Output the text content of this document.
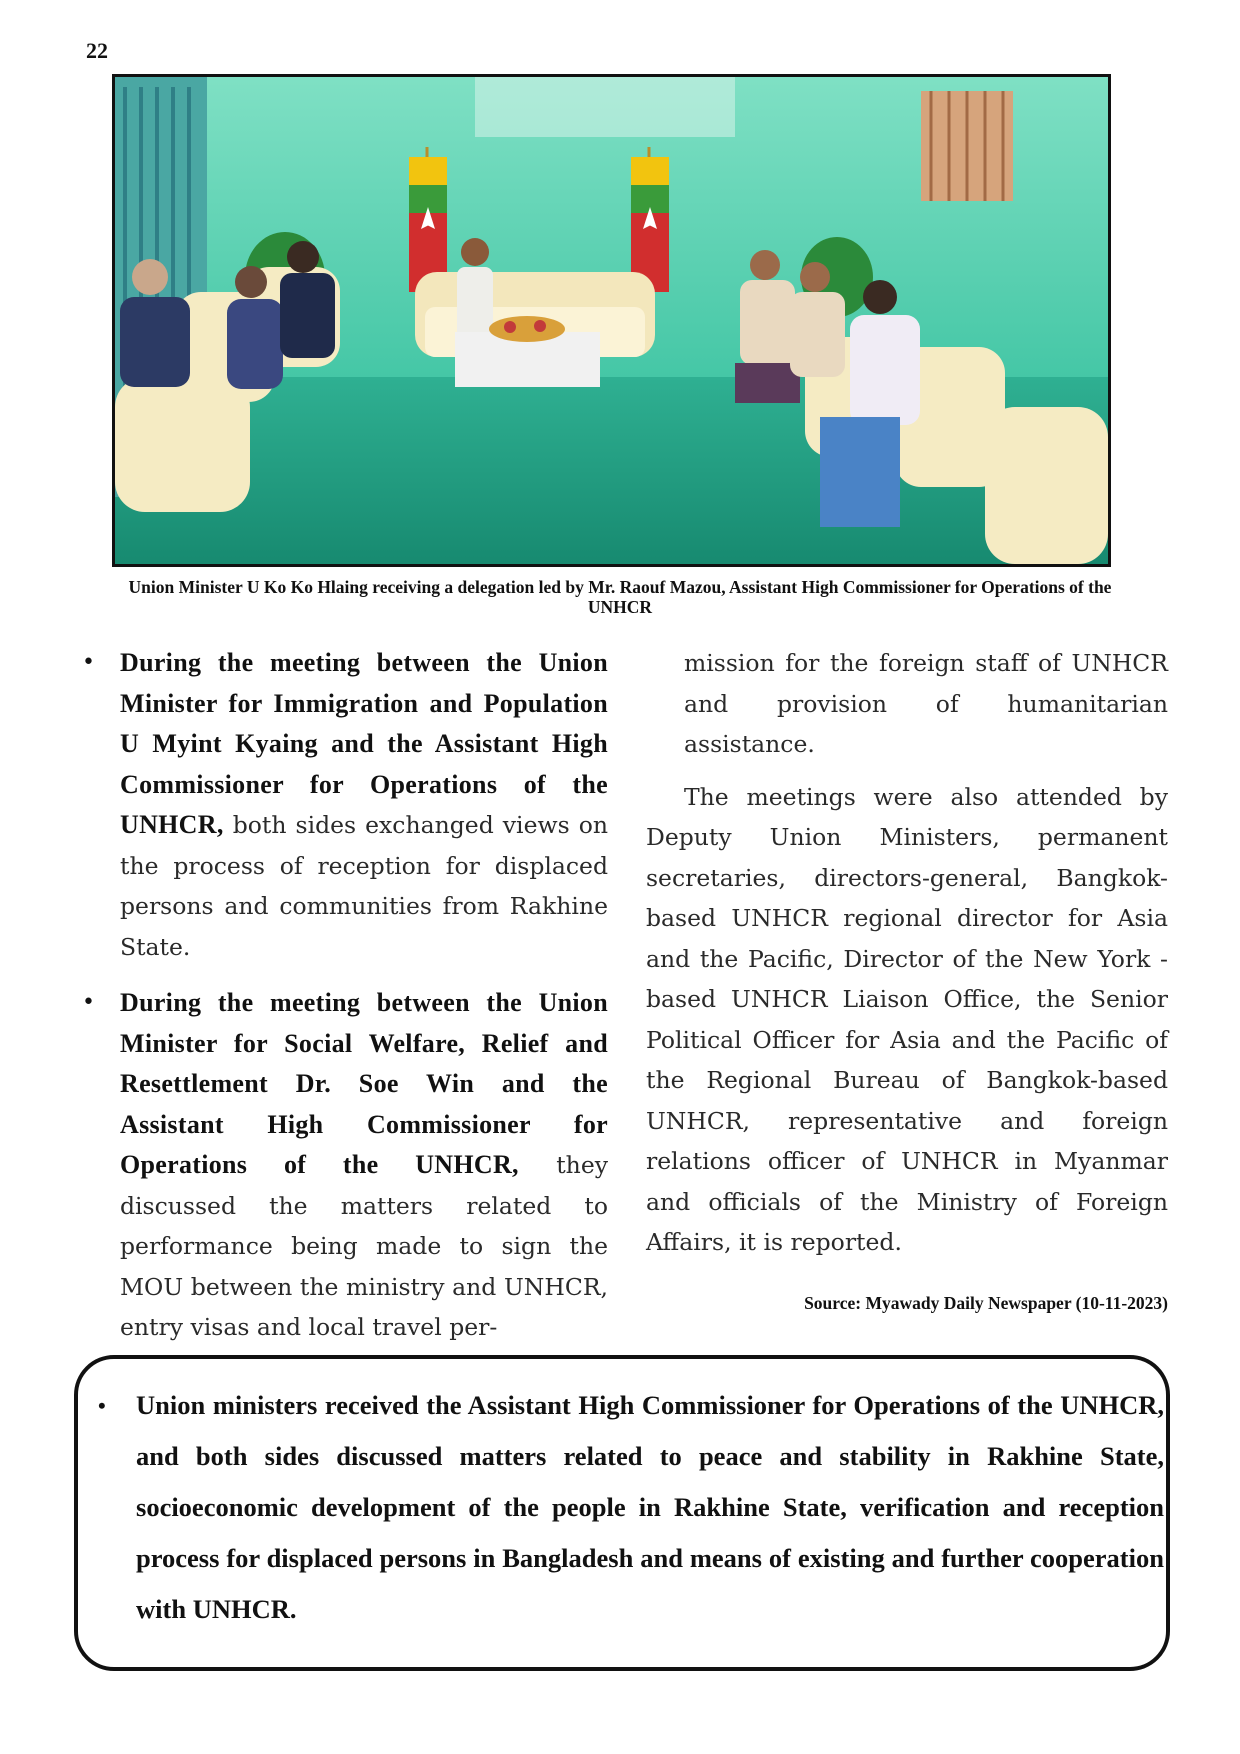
22
Union Minister U Ko Ko Hlaing receiving a delegation led by Mr. Raouf Mazou, Assistant High Commissioner for Operations of the UNHCR
• During the meeting between the Union Minister for Immigration and Population U Myint Kyaing and the Assistant High Commissioner for Operations of the UNHCR, both sides exchanged views on the process of reception for displaced persons and communities from Rakhine State.
• During the meeting between the Union Minister for Social Welfare, Relief and Resettlement Dr. Soe Win and the Assistant High Commissioner for Operations of the UNHCR, they discussed the matters related to performance being made to sign the MOU between the ministry and UNHCR, entry visas and local travel per-

mission for the foreign staff of UNHCR and provision of humanitarian assistance.

The meetings were also attended by Deputy Union Ministers, permanent secretaries, directors-general, Bangkok-based UNHCR regional director for Asia and the Pacific, Director of the New York -based UNHCR Liaison Office, the Senior Political Officer for Asia and the Pacific of the Regional Bureau of Bangkok-based UNHCR, representative and foreign relations officer of UNHCR in Myanmar and officials of the Ministry of Foreign Affairs, it is reported.

Source: Myawady Daily Newspaper (10-11-2023)
• Union ministers received the Assistant High Commissioner for Operations of the UNHCR, and both sides discussed matters related to peace and stability in Rakhine State, socioeconomic development of the people in Rakhine State, verification and reception process for displaced persons in Bangladesh and means of existing and further cooperation with UNHCR.
